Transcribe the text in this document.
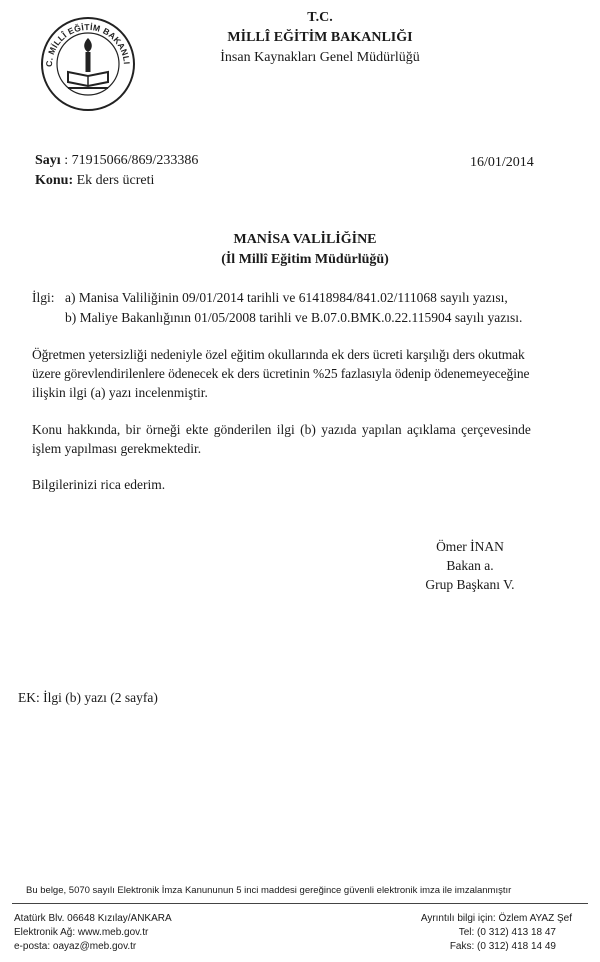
C. MİLLÎ EĞİTİM BAKANLI
T.C.
MİLLÎ EĞİTİM BAKANLIĞI
İnsan Kaynakları Genel Müdürlüğü
Sayı : 71915066/869/233386
Konu: Ek ders ücreti
16/01/2014
MANİSA VALİLİĞİNE
(İl Millî Eğitim Müdürlüğü)
İlgi: a) Manisa Valiliğinin 09/01/2014 tarihli ve 61418984/841.02/111068 sayılı yazısı,
b) Maliye Bakanlığının 01/05/2008 tarihli ve B.07.0.BMK.0.22.115904 sayılı yazısı.
Öğretmen yetersizliği nedeniyle özel eğitim okullarında ek ders ücreti karşılığı ders okutmak
üzere görevlendirilenlere ödenecek ek ders ücretinin %25 fazlasıyla ödenip ödenemeyeceğine
ilişkin ilgi (a) yazı incelenmiştir.
Konu hakkında, bir örneği ekte gönderilen ilgi (b) yazıda yapılan açıklama çerçevesinde
işlem yapılması gerekmektedir.
Bilgilerinizi rica ederim.
Ömer İNAN
Bakan a.
Grup Başkanı V.
EK: İlgi (b) yazı (2 sayfa)
Bu belge, 5070 sayılı Elektronik İmza Kanununun 5 inci maddesi gereğince güvenli elektronik imza ile imzalanmıştır
Atatürk Blv. 06648 Kızılay/ANKARA
Elektronik Ağ: www.meb.gov.tr
e-posta: oayaz@meb.gov.tr
Ayrıntılı bilgi için: Özlem AYAZ Şef
Tel: (0 312) 413 18 47
Faks: (0 312) 418 14 49
